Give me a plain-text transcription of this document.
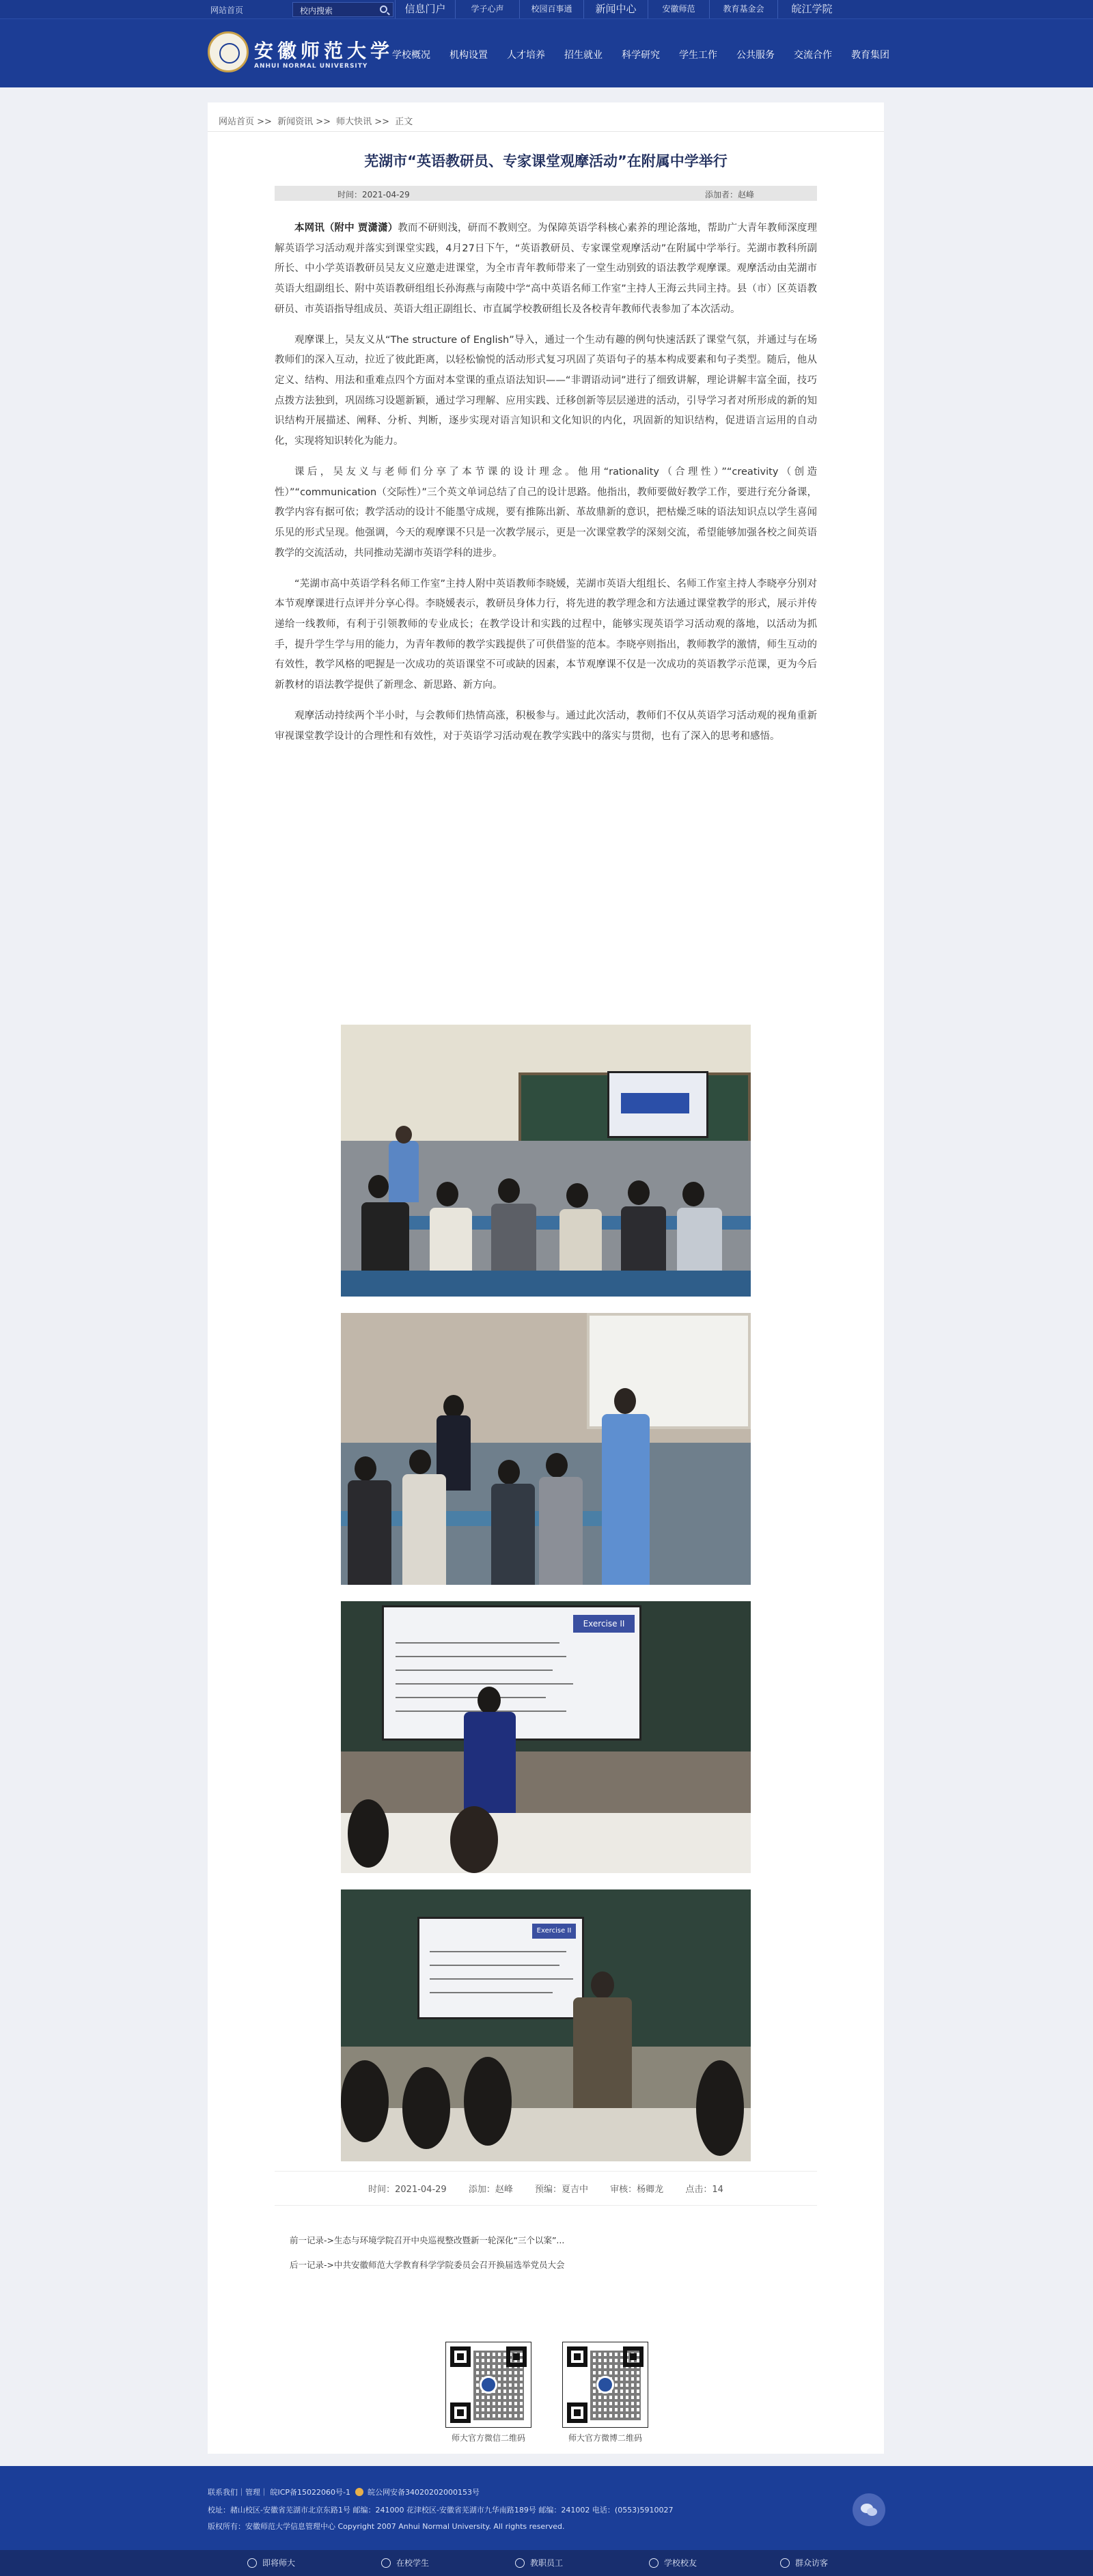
网站首页	校内搜索	信息门户	学子心声	校园百事通	新闻中心	安徽师范	教育基金会	皖江学院
安徽师范大学
ANHUI NORMAL UNIVERSITY
学校概况	机构设置	人才培养	招生就业	科学研究	学生工作	公共服务	交流合作	教育集团
网站首页 >> 新闻资讯 >> 师大快讯 >> 正文
芜湖市“英语教研员、专家课堂观摩活动”在附属中学举行
时间：2021-04-29	添加者：赵峰

本网讯（附中 贾潇潇）教而不研则浅，研而不教则空。为保障英语学科核心素养的理论落地，帮助广大青年教师深度理解英语学习活动观并落实到课堂实践，4月27日下午，“英语教研员、专家课堂观摩活动”在附属中学举行。芜湖市教科所副所长、中小学英语教研员吴友义应邀走进课堂，为全市青年教师带来了一堂生动别致的语法教学观摩课。观摩活动由芜湖市英语大组副组长、附中英语教研组组长孙海燕与南陵中学“高中英语名师工作室”主持人王海云共同主持。县（市）区英语教研员、市英语指导组成员、英语大组正副组长、市直属学校教研组长及各校青年教师代表参加了本次活动。

观摩课上，吴友义从“The structure of English”导入，通过一个生动有趣的例句快速活跃了课堂气氛，并通过与在场教师们的深入互动，拉近了彼此距离，以轻松愉悦的活动形式复习巩固了英语句子的基本构成要素和句子类型。随后，他从定义、结构、用法和重难点四个方面对本堂课的重点语法知识——“非谓语动词”进行了细致讲解，理论讲解丰富全面，技巧点拨方法独到，巩固练习设题新颖，通过学习理解、应用实践、迁移创新等层层递进的活动，引导学习者对所形成的新的知识结构开展描述、阐释、分析、判断，逐步实现对语言知识和文化知识的内化，巩固新的知识结构，促进语言运用的自动化，实现将知识转化为能力。

课后，吴友义与老师们分享了本节课的设计理念。他用“rationality（合理性）”“creativity（创造性）”“communication（交际性）”三个英文单词总结了自己的设计思路。他指出，教师要做好教学工作，要进行充分备课，教学内容有据可依；教学活动的设计不能墨守成规，要有推陈出新、革故鼎新的意识，把枯燥乏味的语法知识点以学生喜闻乐见的形式呈现。他强调，今天的观摩课不只是一次教学展示，更是一次课堂教学的深刻交流，希望能够加强各校之间英语教学的交流活动，共同推动芜湖市英语学科的进步。

“芜湖市高中英语学科名师工作室”主持人附中英语教师李晓媛，芜湖市英语大组组长、名师工作室主持人李晓亭分别对本节观摩课进行点评并分享心得。李晓媛表示，教研员身体力行，将先进的教学理念和方法通过课堂教学的形式，展示并传递给一线教师，有利于引领教师的专业成长；在教学设计和实践的过程中，能够实现英语学习活动观的落地，以活动为抓手，提升学生学与用的能力，为青年教师的教学实践提供了可供借鉴的范本。李晓亭则指出，教师教学的激情，师生互动的有效性，教学风格的吧握是一次成功的英语课堂不可或缺的因素，本节观摩课不仅是一次成功的英语教学示范课，更为今后新教材的语法教学提供了新理念、新思路、新方向。

观摩活动持续两个半小时，与会教师们热情高涨，积极参与。通过此次活动，教师们不仅从英语学习活动观的视角重新审视课堂教学设计的合理性和有效性，对于英语学习活动观在教学实践中的落实与贯彻，也有了深入的思考和感悟。

Exercise II
Exercise II
时间：2021-04-29 添加：赵峰 预编：夏吉中 审核：杨卿龙 点击：14
前一记录->生态与环境学院召开中央巡视整改暨新一轮深化“三个以案”...
后一记录->中共安徽师范大学教育科学学院委员会召开换届选举党员大会
师大官方微信二维码	师大官方微博二维码
联系我们｜管理｜ 皖ICP备15022060号-1 皖公网安备34020202000153号
校址：赭山校区-安徽省芜湖市北京东路1号 邮编：241000 花津校区-安徽省芜湖市九华南路189号 邮编：241002 电话：(0553)5910027
版权所有：安徽师范大学信息管理中心 Copyright 2007 Anhui Normal University. All rights reserved.
即将师大	在校学生	教职员工	学校校友	群众访客
